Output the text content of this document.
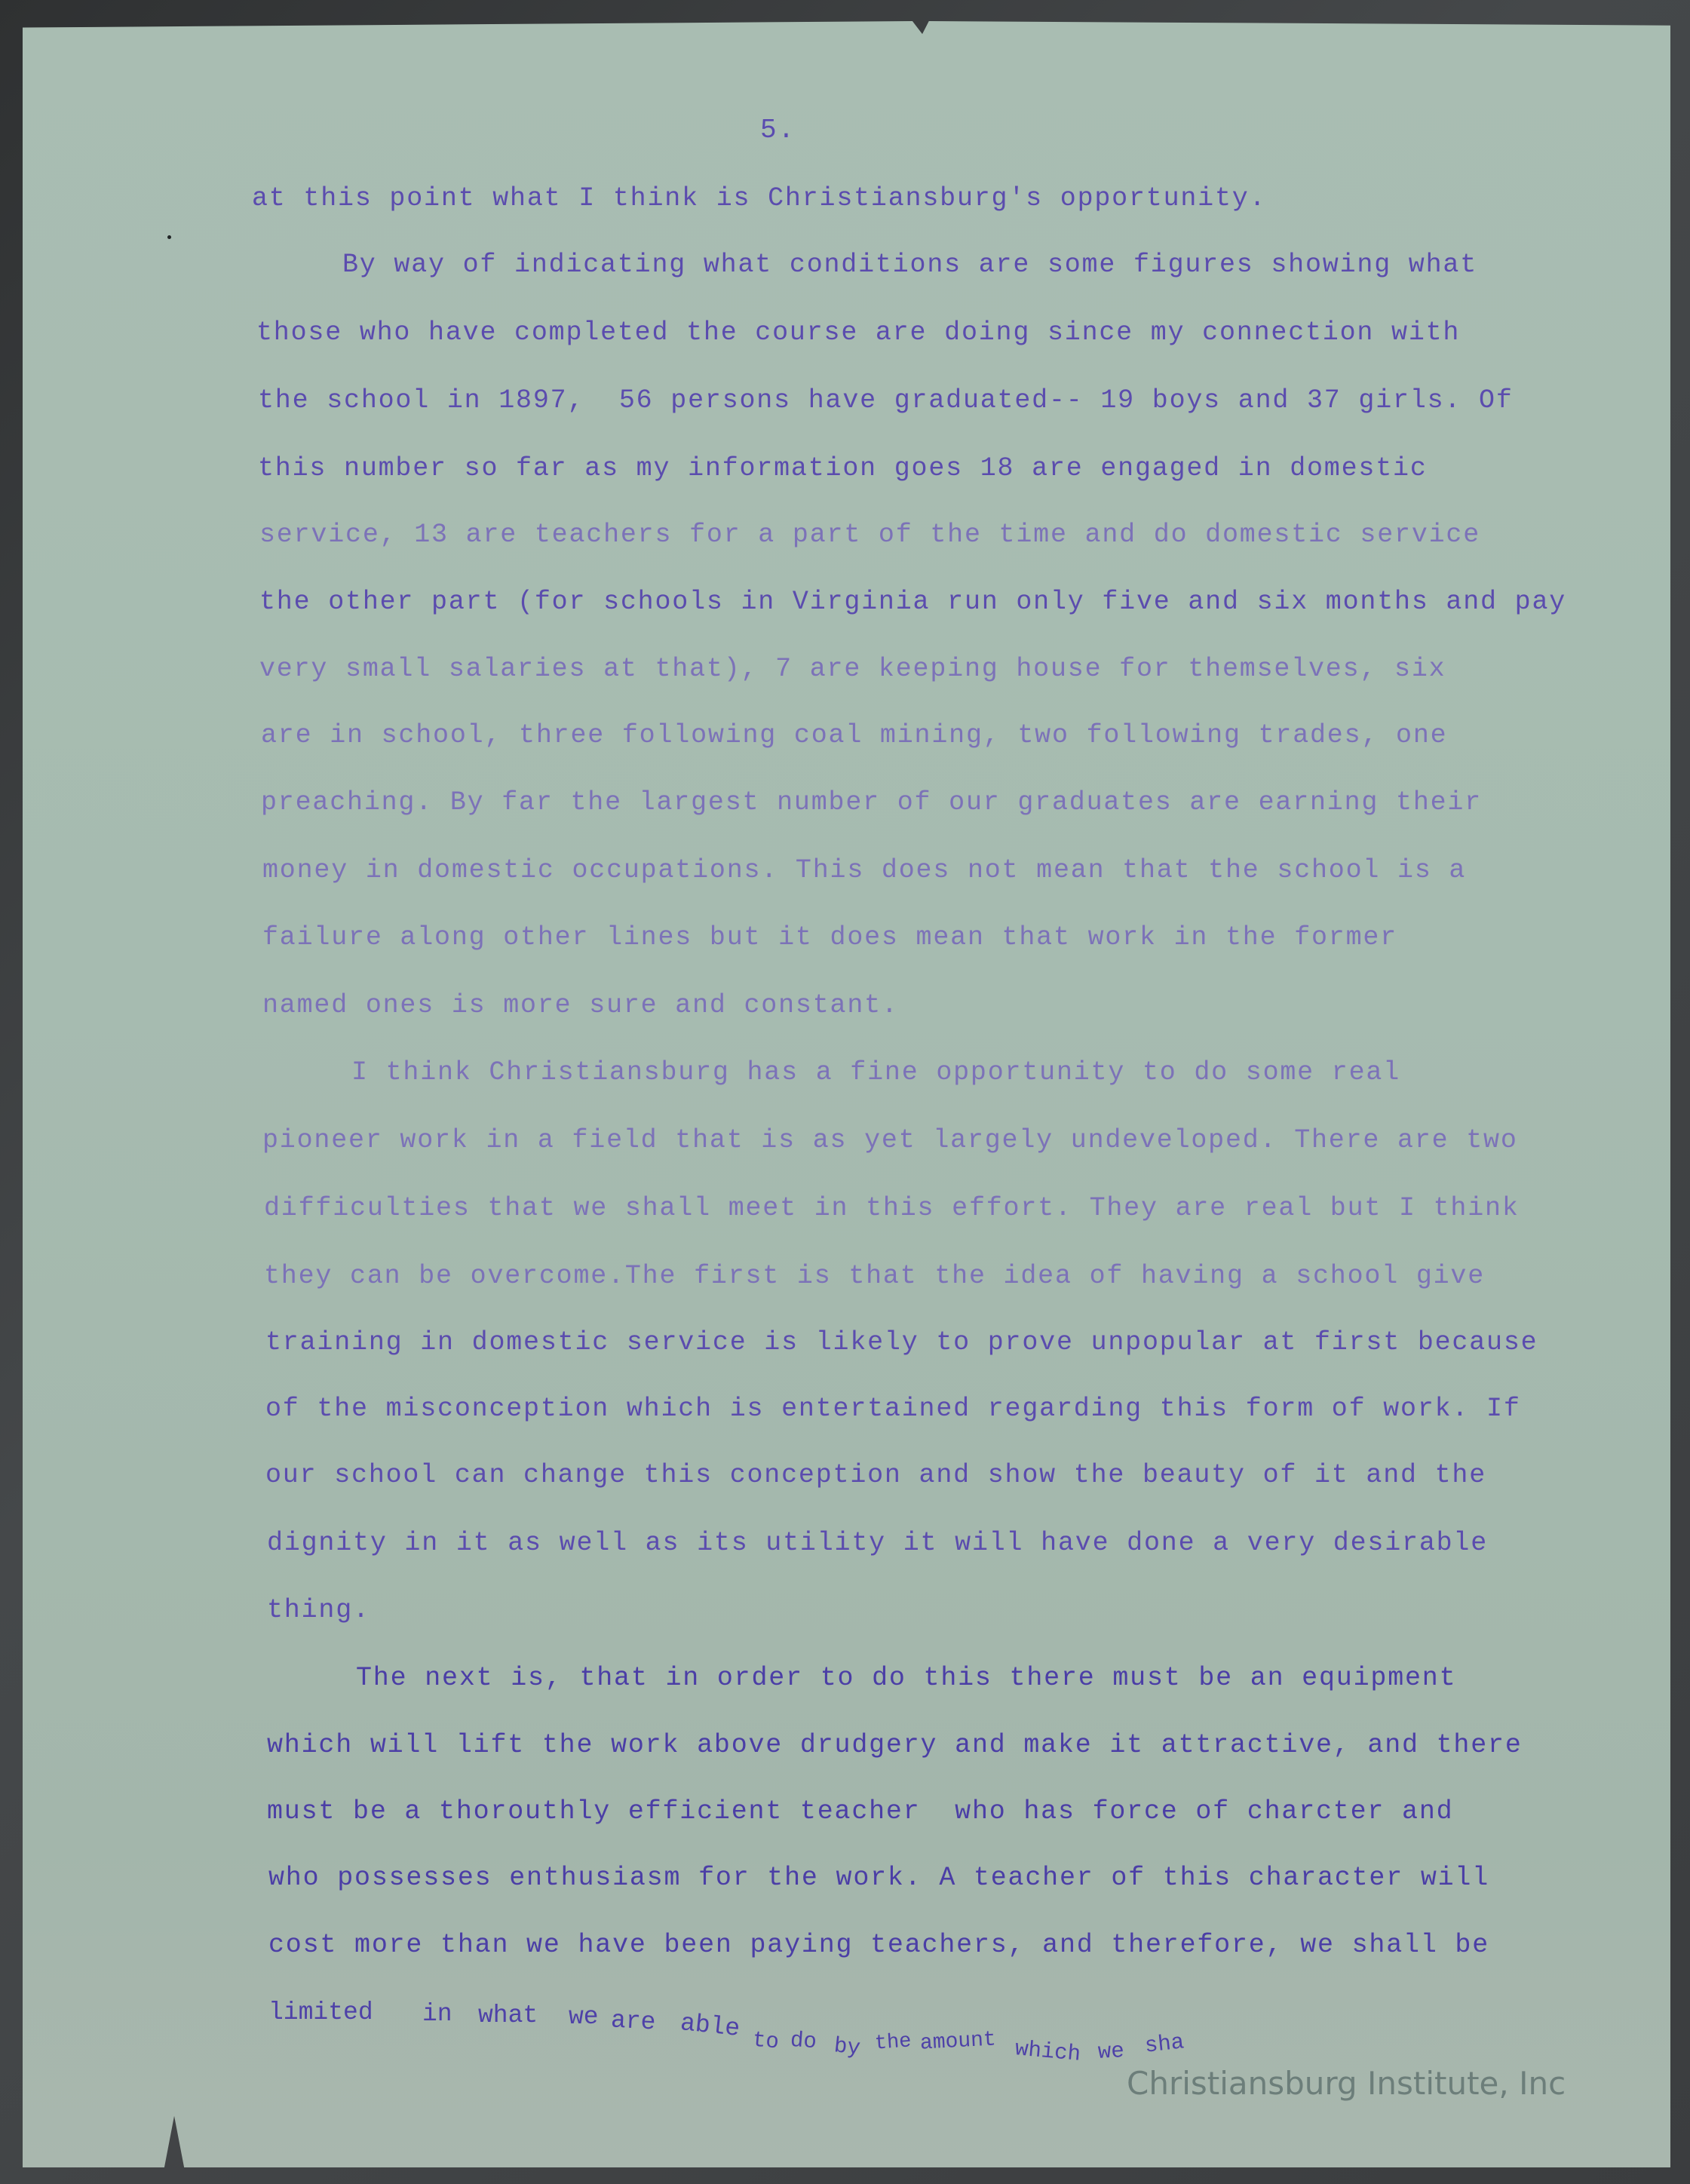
5.
at this point what I think is Christiansburg's opportunity.
By way of indicating what conditions are some figures showing what
those who have completed the course are doing since my connection with
the school in 1897,  56 persons have graduated-- 19 boys and 37 girls. Of
this number so far as my information goes 18 are engaged in domestic
service, 13 are teachers for a part of the time and do domestic service
the other part (for schools in Virginia run only five and six months and pay
very small salaries at that), 7 are keeping house for themselves, six
are in school, three following coal mining, two following trades, one
preaching. By far the largest number of our graduates are earning their
money in domestic occupations. This does not mean that the school is a
failure along other lines but it does mean that work in the former
named ones is more sure and constant.
I think Christiansburg has a fine opportunity to do some real
pioneer work in a field that is as yet largely undeveloped. There are two
difficulties that we shall meet in this effort. They are real but I think
they can be overcome.The first is that the idea of having a school give
training in domestic service is likely to prove unpopular at first because
of the misconception which is entertained regarding this form of work. If
our school can change this conception and show the beauty of it and the
dignity in it as well as its utility it will have done a very desirable
thing.
The next is, that in order to do this there must be an equipment
which will lift the work above drudgery and make it attractive, and there
must be a thorouthly efficient teacher  who has force of charcter and
who possesses enthusiasm for the work. A teacher of this character will
cost more than we have been paying teachers, and therefore, we shall be
limited in what we are able to do by the amount which we sha
Christiansburg Institute, Inc
